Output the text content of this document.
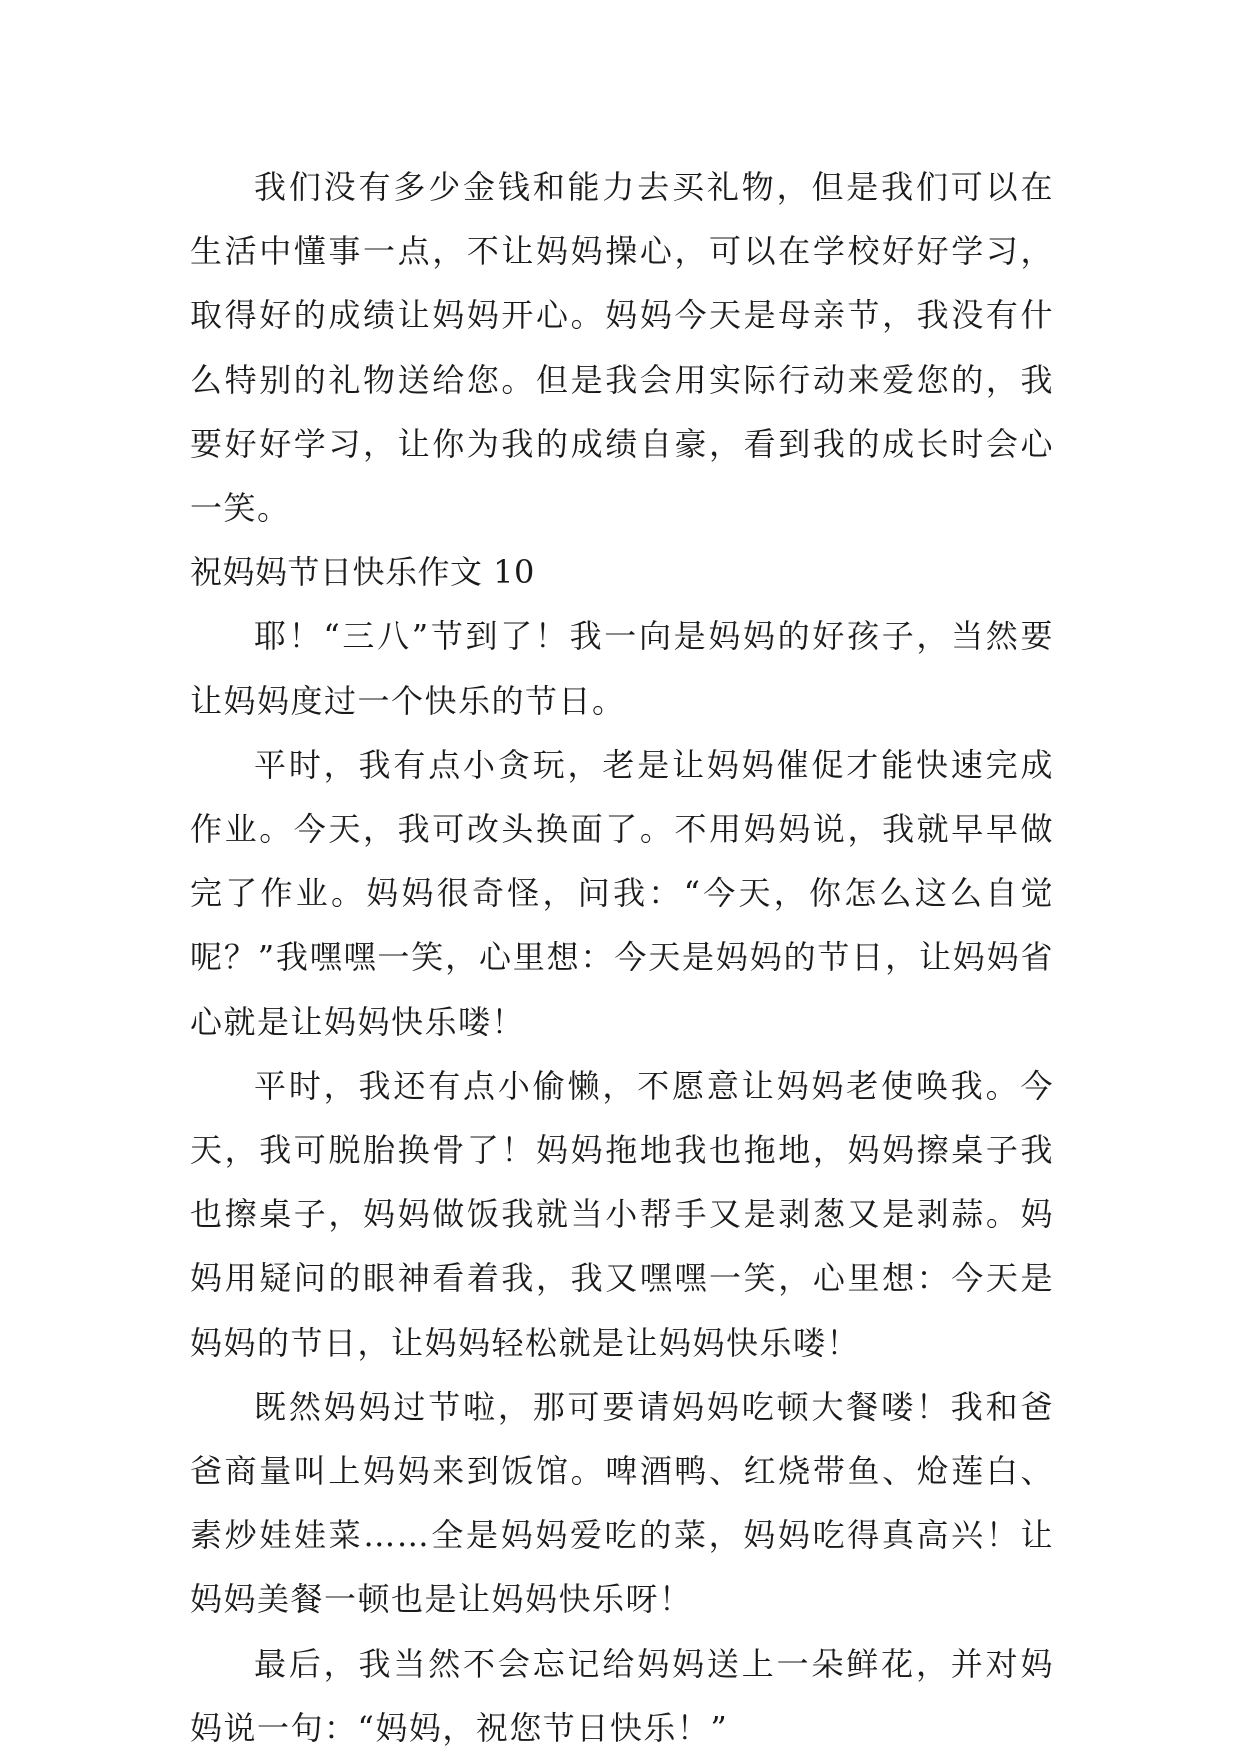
我们没有多少金钱和能力去买礼物，但是我们可以在生活中懂事一点，不让妈妈操心，可以在学校好好学习，取得好的成绩让妈妈开心。妈妈今天是母亲节，我没有什么特别的礼物送给您。但是我会用实际行动来爱您的，我要好好学习，让你为我的成绩自豪，看到我的成长时会心一笑。

祝妈妈节日快乐作文 10

耶！“三八”节到了！我一向是妈妈的好孩子，当然要让妈妈度过一个快乐的节日。

平时，我有点小贪玩，老是让妈妈催促才能快速完成作业。今天，我可改头换面了。不用妈妈说，我就早早做完了作业。妈妈很奇怪，问我：“今天，你怎么这么自觉呢？”我嘿嘿一笑，心里想：今天是妈妈的节日，让妈妈省心就是让妈妈快乐喽！

平时，我还有点小偷懒，不愿意让妈妈老使唤我。今天，我可脱胎换骨了！妈妈拖地我也拖地，妈妈擦桌子我也擦桌子，妈妈做饭我就当小帮手又是剥葱又是剥蒜。妈妈用疑问的眼神看着我，我又嘿嘿一笑，心里想：今天是妈妈的节日，让妈妈轻松就是让妈妈快乐喽！

既然妈妈过节啦，那可要请妈妈吃顿大餐喽！我和爸爸商量叫上妈妈来到饭馆。啤酒鸭、红烧带鱼、炝莲白、素炒娃娃菜……全是妈妈爱吃的菜，妈妈吃得真高兴！让妈妈美餐一顿也是让妈妈快乐呀！

最后，我当然不会忘记给妈妈送上一朵鲜花，并对妈妈说一句：“妈妈，祝您节日快乐！”
